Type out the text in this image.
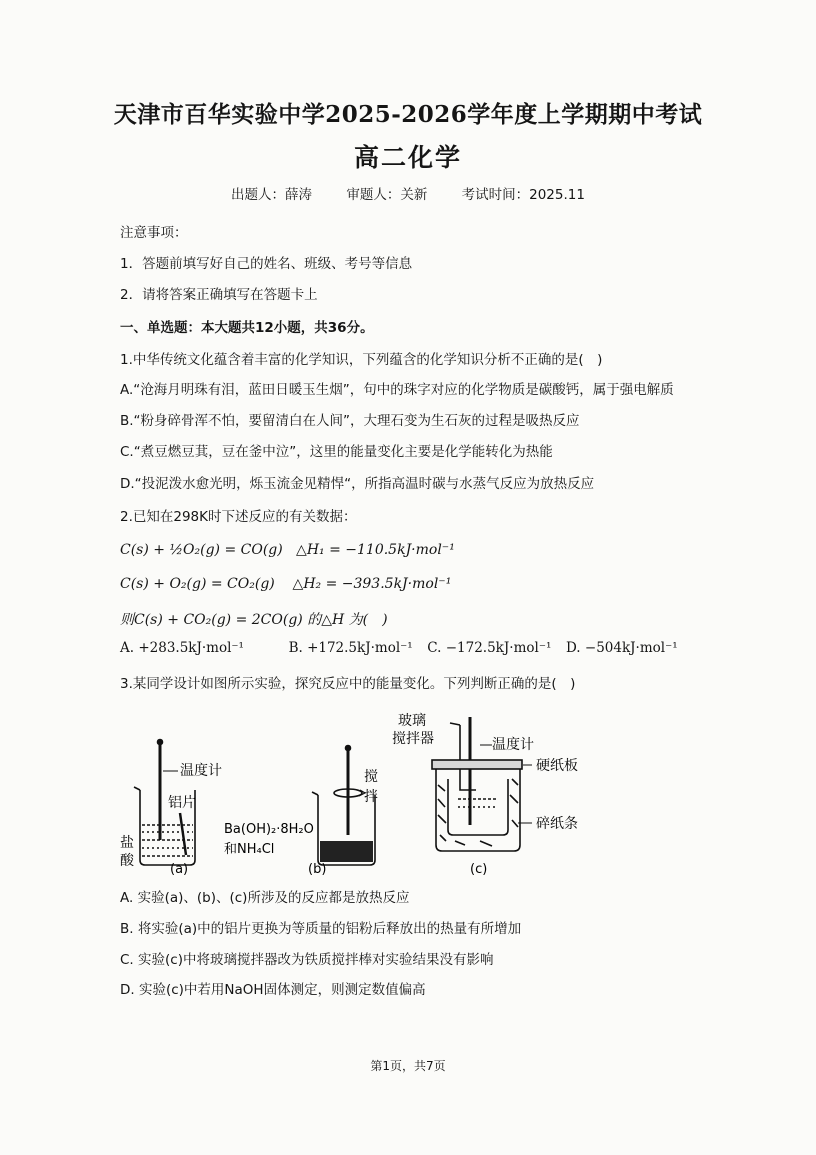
天津市百华实验中学2025-2026学年度上学期期中考试
高二化学
出题人：薛涛	审题人：关新	考试时间：2025.11
注意事项：
1．答题前填写好自己的姓名、班级、考号等信息
2．请将答案正确填写在答题卡上
一、单选题：本大题共12小题，共36分。
1.中华传统文化蕴含着丰富的化学知识，下列蕴含的化学知识分析不正确的是(　)
A.“沧海月明珠有泪，蓝田日暖玉生烟”，句中的珠字对应的化学物质是碳酸钙，属于强电解质
B.“粉身碎骨浑不怕，要留清白在人间”，大理石变为生石灰的过程是吸热反应
C.“煮豆燃豆萁，豆在釜中泣”，这里的能量变化主要是化学能转化为热能
D.“投泥泼水愈光明，烁玉流金见精悍“，所指高温时碳与水蒸气反应为放热反应
2.已知在298K时下述反应的有关数据：
C(s) + ½O₂(g) = CO(g)   △H₁ = −110.5kJ·mol⁻¹
C(s) + O₂(g) = CO₂(g)    △H₂ = −393.5kJ·mol⁻¹
则C(s) + CO₂(g) = 2CO(g) 的△H 为(　)
A. +283.5kJ·mol⁻¹	B. +172.5kJ·mol⁻¹ C. −172.5kJ·mol⁻¹ D. −504kJ·mol⁻¹
3.某同学设计如图所示实验，探究反应中的能量变化。下列判断正确的是(　)
温度计
铝片
盐
酸
(a)
搅
拌
Ba(OH)₂·8H₂O
和NH₄Cl
(b)
玻璃
搅拌器	温度计
硬纸板
碎纸条
(c)
A. 实验(a)、(b)、(c)所涉及的反应都是放热反应
B. 将实验(a)中的铝片更换为等质量的铝粉后释放出的热量有所增加
C. 实验(c)中将玻璃搅拌器改为铁质搅拌棒对实验结果没有影响
D. 实验(c)中若用NaOH固体测定，则测定数值偏高
第1页，共7页
